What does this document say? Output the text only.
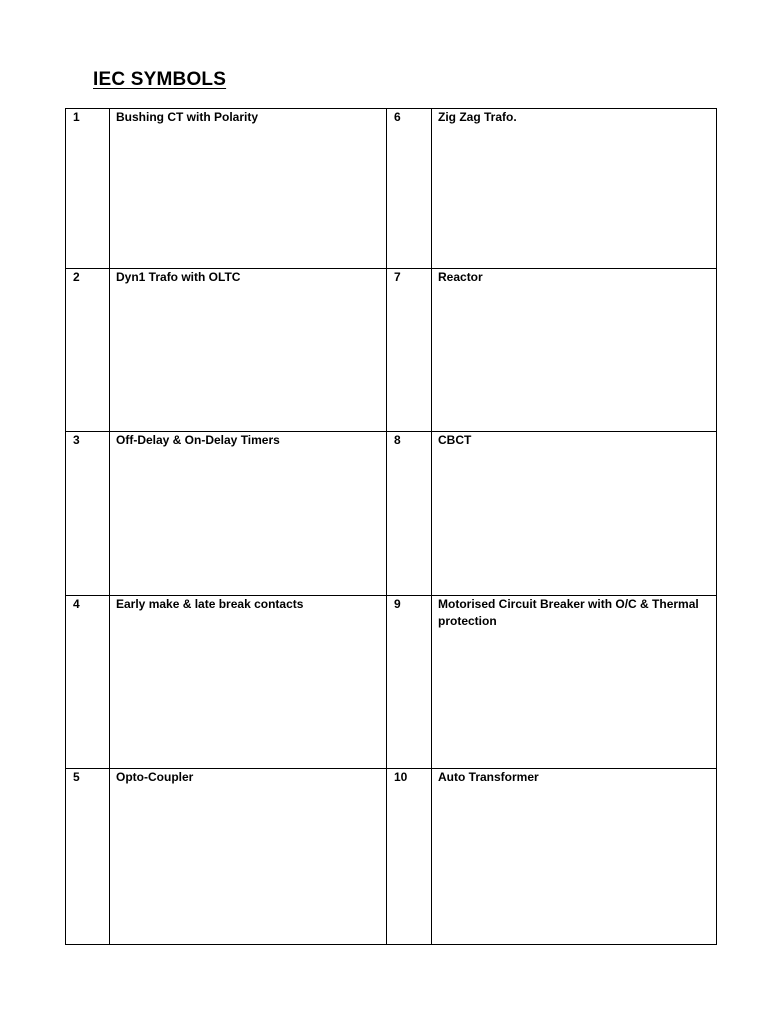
IEC SYMBOLS
1	Bushing CT with Polarity	6	Zig Zag Trafo.

2	Dyn1 Trafo with OLTC	7	Reactor

3	Off-Delay & On-Delay Timers	8	CBCT

4	Early make & late break contacts	9	Motorised Circuit Breaker with O/C & Thermal protection

5	Opto-Coupler	10	Auto Transformer
